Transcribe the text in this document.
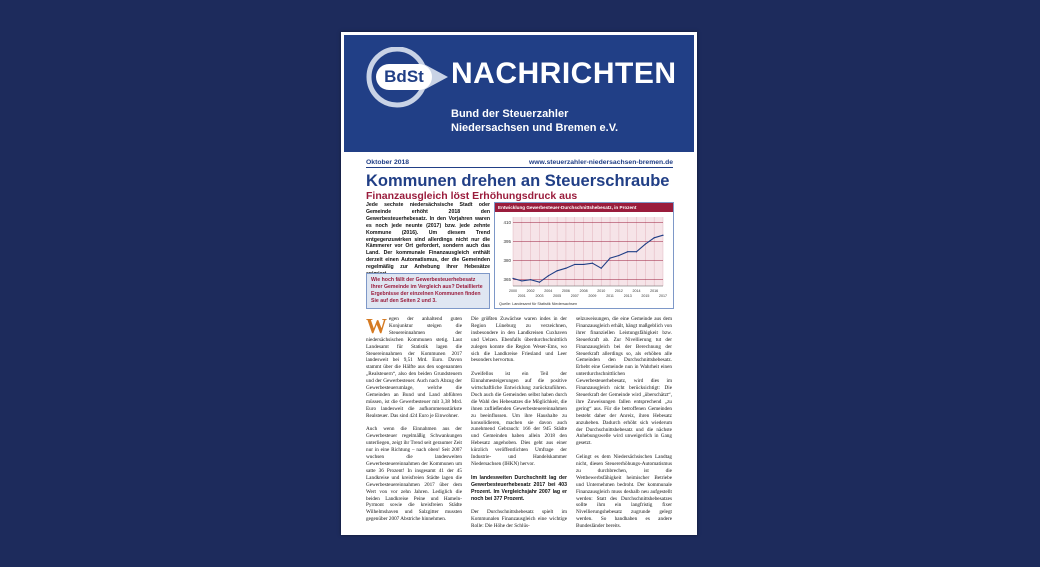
BdSt NACHRICHTEN
Bund der Steuerzahler
Niedersachsen und Bremen e.V.
Oktober 2018	www.steuerzahler-niedersachsen-bremen.de
Kommunen drehen an Steuerschraube
Finanzausgleich löst Erhöhungsdruck aus
Jede sechste niedersächsische Stadt oder Gemeinde erhöht 2018 den Gewerbesteuerhebesatz. In den Vorjahren waren es noch jede neunte (2017) bzw. jede zehnte Kommune (2016). Um diesem Trend entgegenzuwirken sind allerdings nicht nur die Kämmerer vor Ort gefordert, sondern auch das Land. Der kommunale Finanzausgleich enthält derzeit einen Automatismus, der die Gemeinden regelmäßig zur Anhebung ihrer Hebesätze
Wie hoch fällt der Gewerbesteuerhebesatz Ihrer Gemeinde im Vergleich aus? Detaillierte Ergebnisse der einzelnen Kommunen finden Sie auf den Seiten 2 und 3.
Entwicklung Gewerbesteuer-Durchschnittshebesatz, in Prozent
365
380
395
410
2000
2001
2002
2003
2004
2005
2006
2007
2008
2009
2010
2011
2012
2013
2014
2015
2016
2017
Quelle: Landesamt für Statistik Niedersachsen

Wegen der anhaltend guten Konjunktur steigen die Steuereinnahmen der niedersächsischen Kommunen stetig. Laut Landesamt für Statistik lagen die Steuereinnahmen der Kommunen 2017 landesweit bei 9,51 Mrd. Euro. Davon stammt über die Hälfte aus den sogenannten „Realsteuern“, also den beiden Grundsteuern und der Gewerbesteuer. Auch nach Abzug der Gewerbesteuerumlage, welche die Gemeinden an Bund und Land abführen müssen, ist die Gewerbesteuer mit 3,38 Mrd. Euro landesweit die aufkommensstärkste Realsteuer. Das sind 424 Euro je Einwohner.

Auch wenn die Einnahmen aus der Gewerbesteuer regelmäßig Schwankungen unterliegen, zeigt ihr Trend seit geraumer Zeit nur in eine Richtung – nach oben! Seit 2007 wuchsen die landesweiten Gewerbesteuereinnahmen der Kommunen um satte 36 Prozent! In insgesamt 41 der 45 Landkreise und kreisfreien Städte lagen die Gewerbesteuereinnahmen 2017 über dem Wert von vor zehn Jahren. Lediglich die beiden Landkreise Peine und Hameln-Pyrmont sowie die kreisfreien Städte Wilhelmshaven und Salzgitter mussten gegenüber 2007 Abstriche hinnehmen.

Die größten Zuwächse waren indes in der Region Lüneburg zu verzeichnen, insbesondere in den Landkreisen Cuxhaven und Uelzen. Ebenfalls überdurchschnittlich zulegen konnte die Region Weser-Ems, wo sich die Landkreise Friesland und Leer besonders hervortun.

Zweifellos ist ein Teil der Einnahmesteigerungen auf die positive wirtschaftliche Entwicklung zurückzuführen. Doch auch die Gemeinden selbst haben durch die Wahl des Hebesatzes die Möglichkeit, die ihnen zufließenden Gewerbesteuereinnahmen zu beeinflussen. Um ihre Haushalte zu konsolidieren, machen sie davon auch zunehmend Gebrauch: 166 der 945 Städte und Gemeinden haben allein 2018 den Hebesatz angehoben. Dies geht aus einer kürzlich veröffentlichten Umfrage der Industrie- und Handelskammer Niedersachsen (IHKN) hervor.

Im landesweiten Durchschnitt lag der Gewerbesteuerhebesatz 2017 bei 403 Prozent. Im Vergleichsjahr 2007 lag er noch bei 377 Prozent.

Der Durchschnittshebesatz spielt im Kommunalen Finanzausgleich eine wichtige Rolle: Die Höhe der Schlüs-

selzuweisungen, die eine Gemeinde aus dem Finanzausgleich erhält, hängt maßgeblich von ihrer finanziellen Leistungsfähigkeit bzw. Steuerkraft ab. Zur Nivellierung tut der Finanzausgleich bei der Berechnung der Steuerkraft allerdings so, als erhöben alle Gemeinden den Durchschnittshebesatz. Erhebt eine Gemeinde nun in Wahrheit einen unterdurchschnittlichen Gewerbesteuerhebesatz, wird dies im Finanzausgleich nicht berücksichtigt: Die Steuerkraft der Gemeinde wird „überschätzt“, ihre Zuweisungen fallen entsprechend „zu gering“ aus. Für die betroffenen Gemeinden besteht daher der Anreiz, ihren Hebesatz anzuheben. Dadurch erhöht sich wiederum der Durchschnittshebesatz und die nächste Anhebungswelle wird unweigerlich in Gang gesetzt.

Gelingt es dem Niedersächsischen Landtag nicht, diesen Steuererhöhungs-Automatismus zu durchbrechen, ist die Wettbewerbsfähigkeit heimischer Betriebe und Unternehmen bedroht. Der kommunale Finanzausgleich muss deshalb neu aufgestellt werden: Statt des Durchschnittshebesatzes sollte ihm ein langfristig fixer Nivellierungshebesatz zugrunde gelegt werden. So handhaben es andere Bundesländer bereits.
